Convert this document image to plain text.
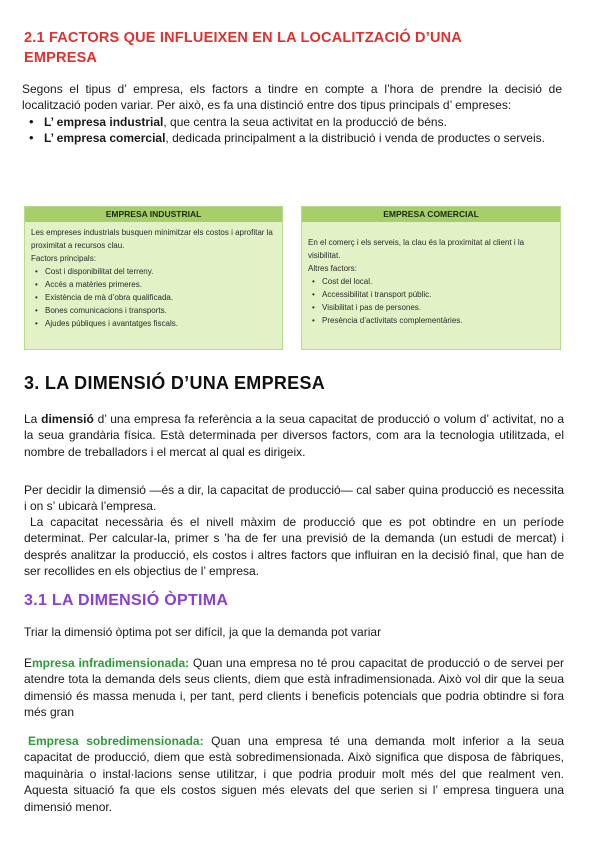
2.1 FACTORS QUE INFLUEIXEN EN LA LOCALITZACIÓ D’UNA EMPRESA
Segons el tipus d’ empresa, els factors a tindre en compte a l’hora de prendre la decisió de localització poden variar. Per això, es fa una distinció entre dos tipus principals d’ empreses:
• L’ empresa industrial, que centra la seua activitat en la producció de béns.
• L’ empresa comercial, dedicada principalment a la distribució i venda de productes o serveis.
EMPRESA INDUSTRIAL
Les empreses industrials busquen minimitzar els costos i aprofitar la proximitat a recursos clau.
Factors principals:
• Cost i disponibilitat del terreny.
• Accés a matèries primeres.
• Existència de mà d’obra qualificada.
• Bones comunicacions i transports.
• Ajudes públiques i avantatges fiscals.
EMPRESA COMERCIAL
En el comerç i els serveis, la clau és la proximitat al client i la visibilitat.
Altres factors:
• Cost del local.
• Accessibilitat i transport públic.
• Visibilitat i pas de persones.
• Presència d’activitats complementàries.
3. LA DIMENSIÓ D’UNA EMPRESA
La dimensió d’ una empresa fa referència a la seua capacitat de producció o volum d’ activitat, no a la seua grandària física. Està determinada per diversos factors, com ara la tecnologia utilitzada, el nombre de treballadors i el mercat al qual es dirigeix.
Per decidir la dimensió —és a dir, la capacitat de producció— cal saber quina producció es necessita i on s’ ubicarà l’empresa.
La capacitat necessària és el nivell màxim de producció que es pot obtindre en un període determinat. Per calcular-la, primer s ’ha de fer una previsió de la demanda (un estudi de mercat) i després analitzar la producció, els costos i altres factors que influiran en la decisió final, que han de ser recollides en els objectius de l’ empresa.
3.1 LA DIMENSIÓ ÒPTIMA
Triar la dimensió òptima pot ser difícil, ja que la demanda pot variar
Empresa infradimensionada: Quan una empresa no té prou capacitat de producció o de servei per atendre tota la demanda dels seus clients, diem que està infradimensionada. Això vol dir que la seua dimensió és massa menuda i, per tant, perd clients i beneficis potencials que podria obtindre si fora més gran
Empresa sobredimensionada: Quan una empresa té una demanda molt inferior a la seua capacitat de producció, diem que està sobredimensionada. Això significa que disposa de fàbriques, maquinària o instal·lacions sense utilitzar, i que podria produir molt més del que realment ven. Aquesta situació fa que els costos siguen més elevats del que serien si l’ empresa tinguera una dimensió menor.
